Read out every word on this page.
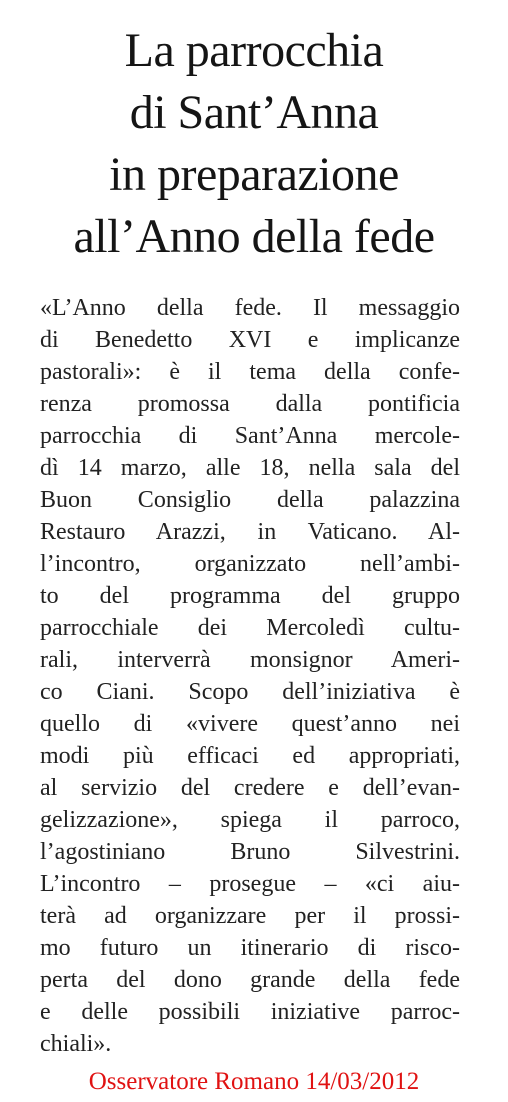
La parrocchia
di Sant’Anna
in preparazione
all’Anno della fede
«L’Anno della fede. Il messaggio
di Benedetto XVI e implicanze
pastorali»: è il tema della confe-
renza promossa dalla pontificia
parrocchia di Sant’Anna mercole-
dì 14 marzo, alle 18, nella sala del
Buon Consiglio della palazzina
Restauro Arazzi, in Vaticano. Al-
l’incontro, organizzato nell’ambi-
to del programma del gruppo
parrocchiale dei Mercoledì cultu-
rali, interverrà monsignor Ameri-
co Ciani. Scopo dell’iniziativa è
quello di «vivere quest’anno nei
modi più efficaci ed appropriati,
al servizio del credere e dell’evan-
gelizzazione», spiega il parroco,
l’agostiniano Bruno Silvestrini.
L’incontro – prosegue – «ci aiu-
terà ad organizzare per il prossi-
mo futuro un itinerario di risco-
perta del dono grande della fede
e delle possibili iniziative parroc-
chiali».
Osservatore Romano 14/03/2012
